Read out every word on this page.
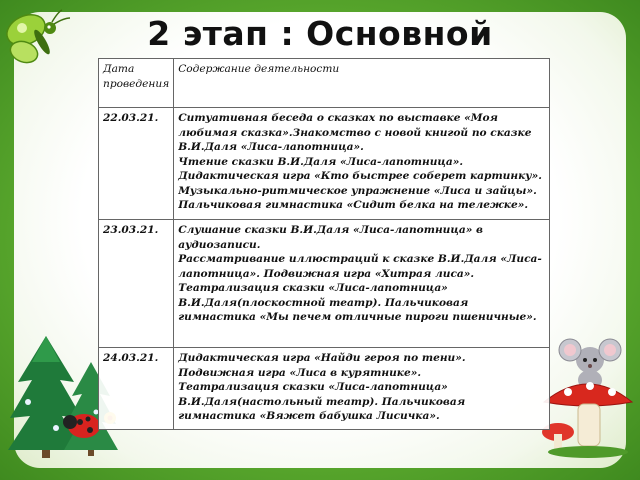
2 этап : Основной
Дата проведения	Содержание деятельности
22.03.21.	Ситуативная беседа о сказках по выставке «Моя любимая сказка».Знакомство с новой книгой по сказке В.И.Даля «Лиса-лапотница».
Чтение сказки В.И.Даля «Лиса-лапотница».
Дидактическая игра «Кто быстрее соберет картинку». Музыкально-ритмическое упражнение «Лиса и зайцы». Пальчиковая гимнастика «Сидит белка на тележке».

23.03.21.	Слушание сказки В.И.Даля «Лиса-лапотница» в аудиозаписи.
Рассматривание иллюстраций к сказке В.И.Даля «Лиса-лапотница». Подвижная игра «Хитрая лиса». Театрализация сказки «Лиса-лапотница» В.И.Даля(плоскостной театр). Пальчиковая гимнастика «Мы печем отличные пироги пшеничные».

24.03.21.	Дидактическая игра «Найди героя по тени».
Подвижная игра «Лиса в курятнике».
Театрализация сказки «Лиса-лапотница» В.И.Даля(настольный театр). Пальчиковая гимнастика «Вяжет бабушка Лисичка».
